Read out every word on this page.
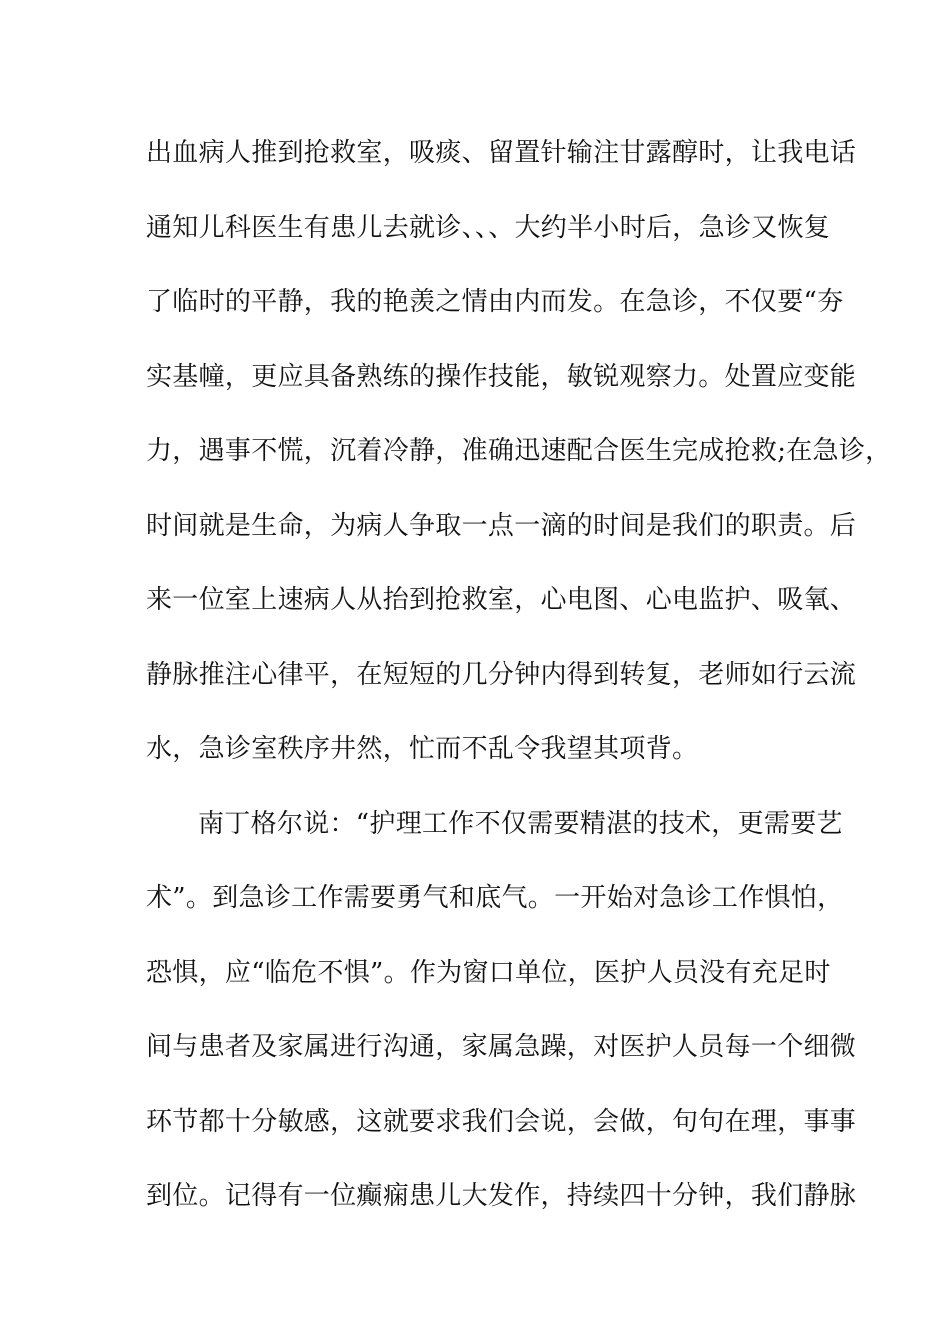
出血病人推到抢救室，吸痰、留置针输注甘露醇时，让我电话
通知儿科医生有患儿去就诊、、、大约半小时后，急诊又恢复
了临时的平静，我的艳羡之情由内而发。在急诊，不仅要“夯
实基幢，更应具备熟练的操作技能，敏锐观察力。处置应变能
力，遇事不慌，沉着冷静，准确迅速配合医生完成抢救;在急诊，
时间就是生命，为病人争取一点一滴的时间是我们的职责。后
来一位室上速病人从抬到抢救室，心电图、心电监护、吸氧、
静脉推注心律平，在短短的几分钟内得到转复，老师如行云流
水，急诊室秩序井然，忙而不乱令我望其项背。
南丁格尔说：“护理工作不仅需要精湛的技术，更需要艺
术”。到急诊工作需要勇气和底气。一开始对急诊工作惧怕，
恐惧，应“临危不惧”。作为窗口单位，医护人员没有充足时
间与患者及家属进行沟通，家属急躁，对医护人员每一个细微
环节都十分敏感，这就要求我们会说，会做，句句在理，事事
到位。记得有一位癫痫患儿大发作，持续四十分钟，我们静脉
